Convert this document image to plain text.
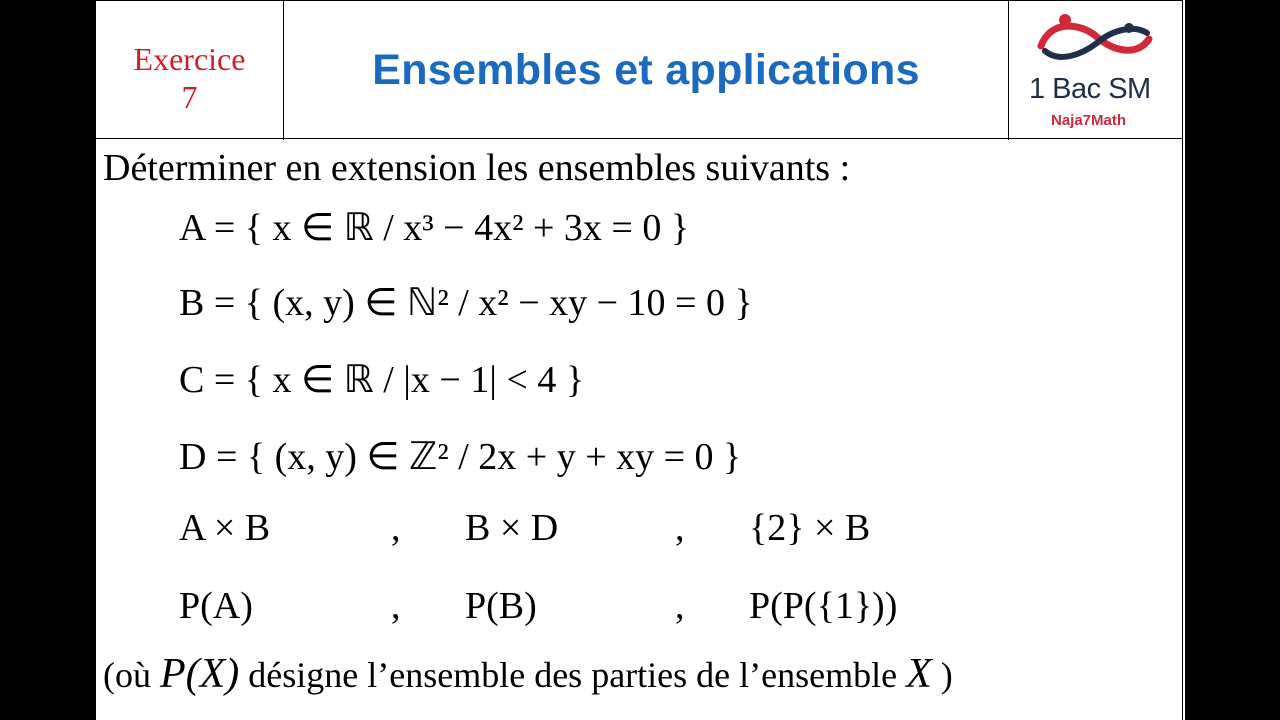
Exercice
7
Ensembles et applications	1 Bac SM
Naja7Math
Déterminer en extension les ensembles suivants :
A = { x ∈ ℝ / x³ − 4x² + 3x = 0 }
B = { (x, y) ∈ ℕ² / x² − xy − 10 = 0 }
C = { x ∈ ℝ / |x − 1| < 4 }
D = { (x, y) ∈ ℤ² / 2x + y + xy = 0 }
A × B	, B × D	, {2} × B
P(A)	, P(B)	, P(P({1}))
(où P(X) désigne l’ensemble des parties de l’ensemble X )
